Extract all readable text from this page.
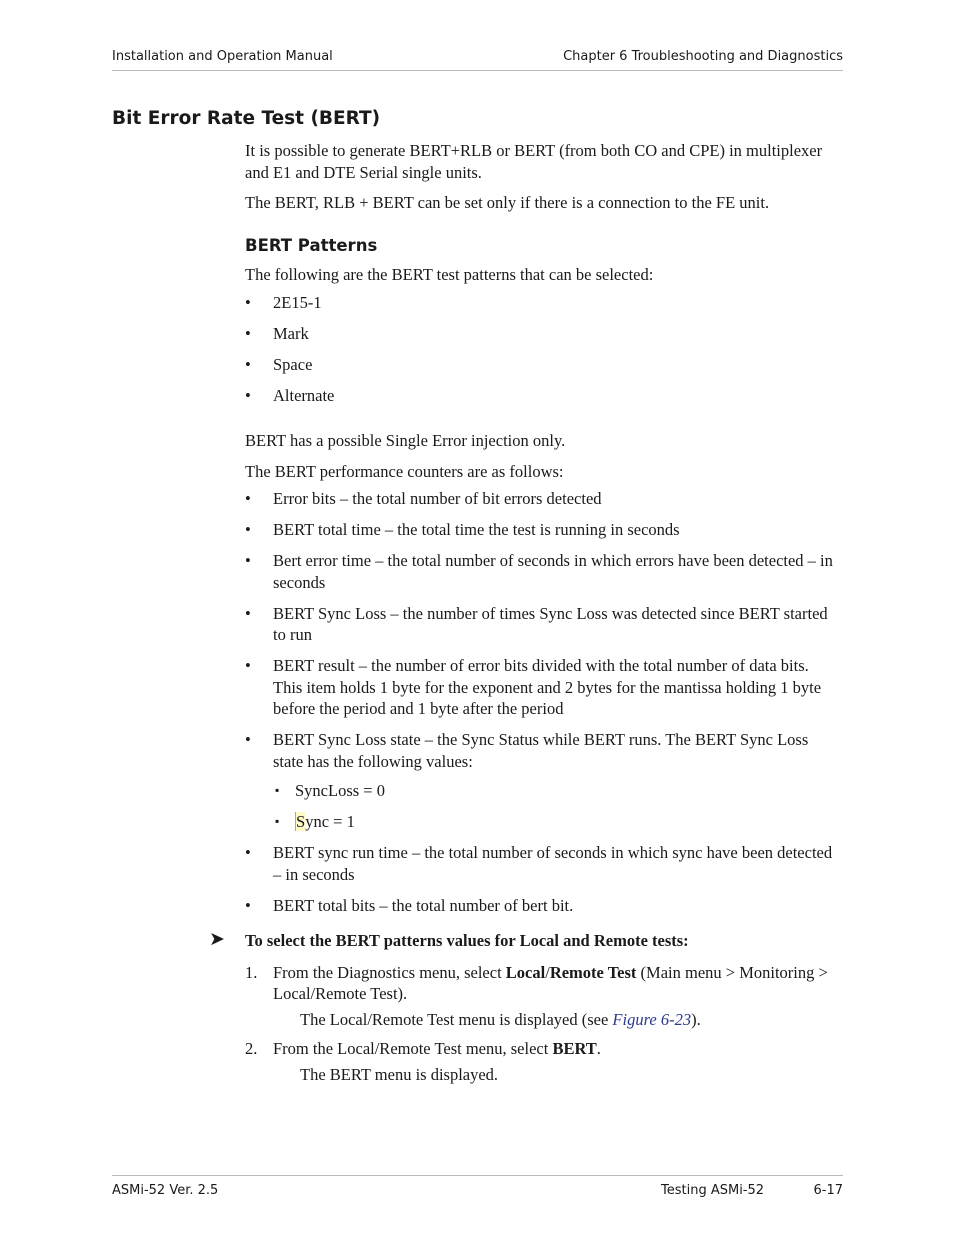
Installation and Operation Manual	Chapter 6 Troubleshooting and Diagnostics
Bit Error Rate Test (BERT)

It is possible to generate BERT+RLB or BERT (from both CO and CPE) in multiplexer and E1 and DTE Serial single units.

The BERT, RLB + BERT can be set only if there is a connection to the FE unit.

BERT Patterns

The following are the BERT test patterns that can be selected:

• 2E15-1
• Mark
• Space
• Alternate

BERT has a possible Single Error injection only.

The BERT performance counters are as follows:

• Error bits – the total number of bit errors detected
• BERT total time – the total time the test is running in seconds
• Bert error time – the total number of seconds in which errors have been detected – in seconds
• BERT Sync Loss – the number of times Sync Loss was detected since BERT started to run
• BERT result – the number of error bits divided with the total number of data bits. This item holds 1 byte for the exponent and 2 bytes for the mantissa holding 1 byte before the period and 1 byte after the period
• BERT Sync Loss state – the Sync Status while BERT runs. The BERT Sync Loss state has the following values:
▪ SyncLoss = 0
▪ Sync = 1
• BERT sync run time – the total number of seconds in which sync have been detected – in seconds
• BERT total bits – the total number of bert bit.
➤ To select the BERT patterns values for Local and Remote tests:
1. From the Diagnostics menu, select Local/Remote Test (Main menu > Monitoring > Local/Remote Test).
The Local/Remote Test menu is displayed (see Figure 6-23).
2. From the Local/Remote Test menu, select BERT.
The BERT menu is displayed.
ASMi-52 Ver. 2.5	Testing ASMi-52	6-17
